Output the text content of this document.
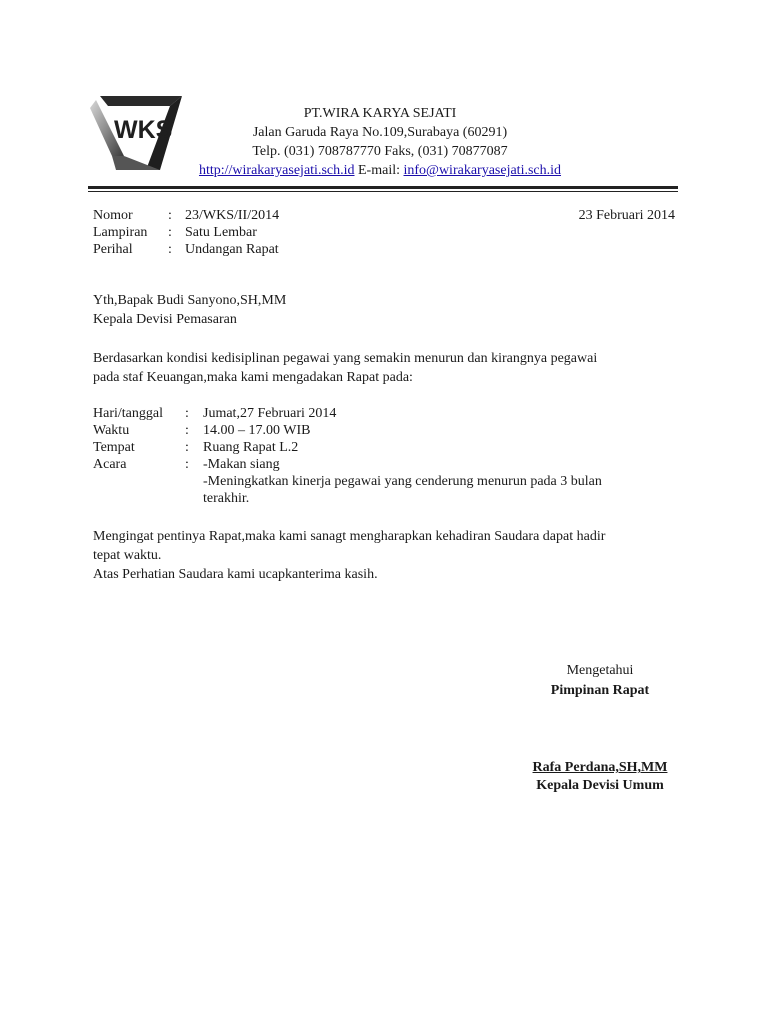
WKS
PT.WIRA KARYA SEJATI
Jalan Garuda Raya No.109,Surabaya (60291)
Telp. (031) 708787770 Faks, (031) 70877087
http://wirakaryasejati.sch.id E-mail: info@wirakaryasejati.sch.id
Nomor	: 23/WKS/II/2014
Lampiran	: Satu Lembar
Perihal	: Undangan Rapat
23 Februari 2014
Yth,Bapak Budi Sanyono,SH,MM
Kepala Devisi Pemasaran
Berdasarkan kondisi kedisiplinan pegawai yang semakin menurun dan kirangnya pegawai
pada staf Keuangan,maka kami mengadakan Rapat pada:
Hari/tanggal	:	Jumat,27 Februari 2014
Waktu	:	14.00 – 17.00 WIB
Tempat	:	Ruang Rapat L.2
Acara	:	-Makan siang
-Meningkatkan kinerja pegawai yang cenderung menurun pada 3 bulan
terakhir.
Mengingat pentinya Rapat,maka kami sanagt mengharapkan kehadiran Saudara dapat hadir
tepat waktu.
Atas Perhatian Saudara kami ucapkanterima kasih.
Mengetahui
Pimpinan Rapat
Rafa Perdana,SH,MM
Kepala Devisi Umum
